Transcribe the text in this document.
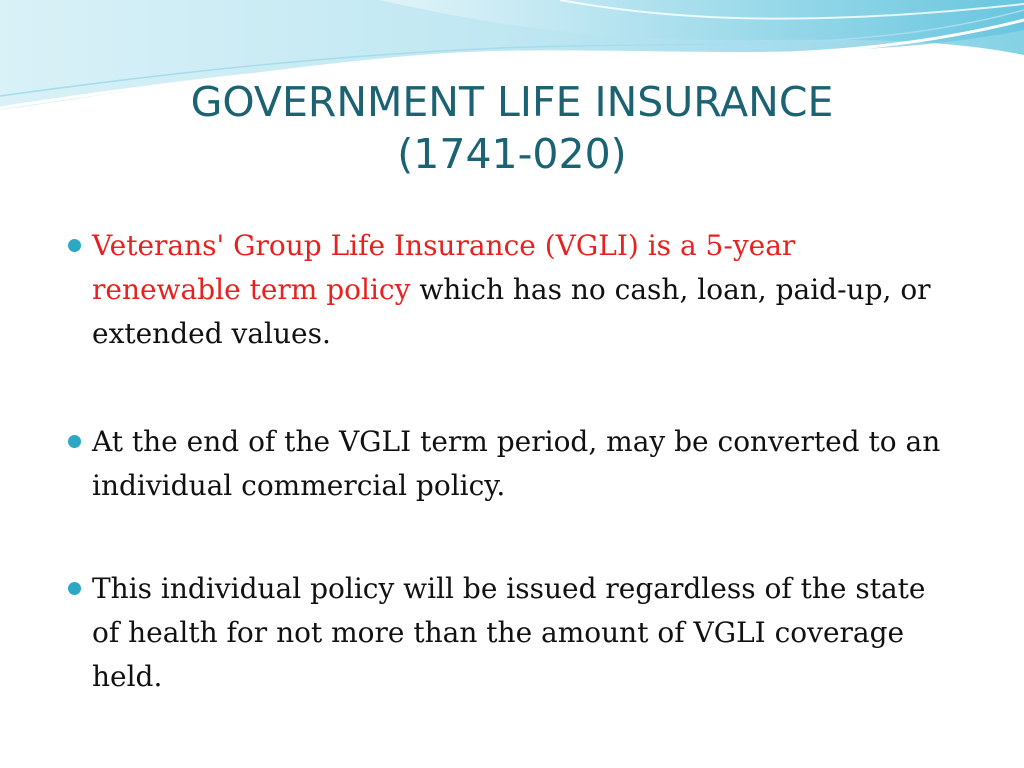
GOVERNMENT LIFE INSURANCE
(1741-020)
Veterans' Group Life Insurance (VGLI) is a 5-year renewable term policy which has no cash, loan, paid-up, or extended values.
At the end of the VGLI term period, may be converted to an individual commercial policy.
This individual policy will be issued regardless of the state of health for not more than the amount of VGLI coverage held.
